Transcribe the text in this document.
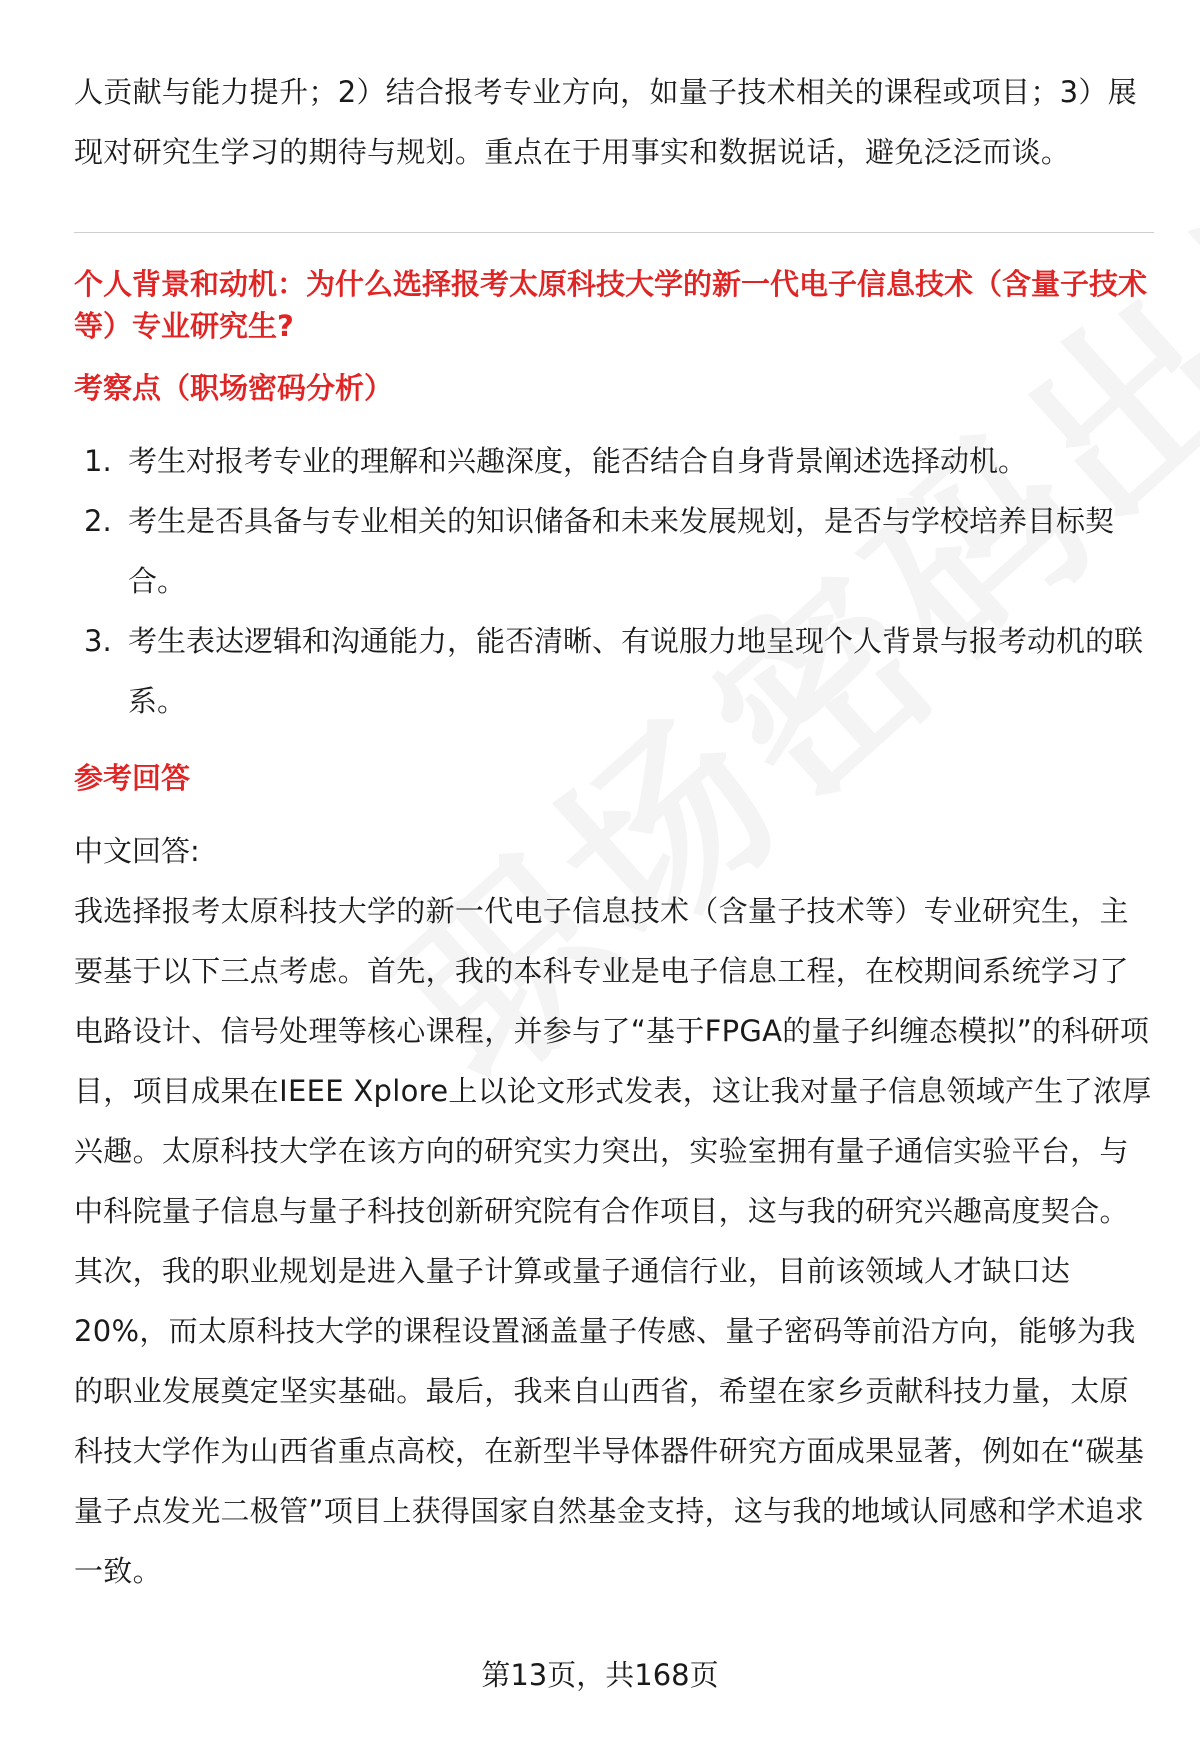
人贡献与能力提升；2）结合报考专业方向，如量子技术相关的课程或项目；3）展现对研究生学习的期待与规划。重点在于用事实和数据说话，避免泛泛而谈。

个人背景和动机：为什么选择报考太原科技大学的新一代电子信息技术（含量子技术等）专业研究生?

考察点（职场密码分析）

1. 考生对报考专业的理解和兴趣深度，能否结合自身背景阐述选择动机。
2. 考生是否具备与专业相关的知识储备和未来发展规划，是否与学校培养目标契合。
3. 考生表达逻辑和沟通能力，能否清晰、有说服力地呈现个人背景与报考动机的联系。

参考回答

中文回答:

我选择报考太原科技大学的新一代电子信息技术（含量子技术等）专业研究生，主要基于以下三点考虑。首先，我的本科专业是电子信息工程，在校期间系统学习了电路设计、信号处理等核心课程，并参与了“基于FPGA的量子纠缠态模拟”的科研项目，项目成果在IEEE Xplore上以论文形式发表，这让我对量子信息领域产生了浓厚兴趣。太原科技大学在该方向的研究实力突出，实验室拥有量子通信实验平台，与中科院量子信息与量子科技创新研究院有合作项目，这与我的研究兴趣高度契合。其次，我的职业规划是进入量子计算或量子通信行业，目前该领域人才缺口达20%，而太原科技大学的课程设置涵盖量子传感、量子密码等前沿方向，能够为我的职业发展奠定坚实基础。最后，我来自山西省，希望在家乡贡献科技力量，太原科技大学作为山西省重点高校，在新型半导体器件研究方面成果显著，例如在“碳基量子点发光二极管”项目上获得国家自然基金支持，这与我的地域认同感和学术追求一致。

第13页，共168页
